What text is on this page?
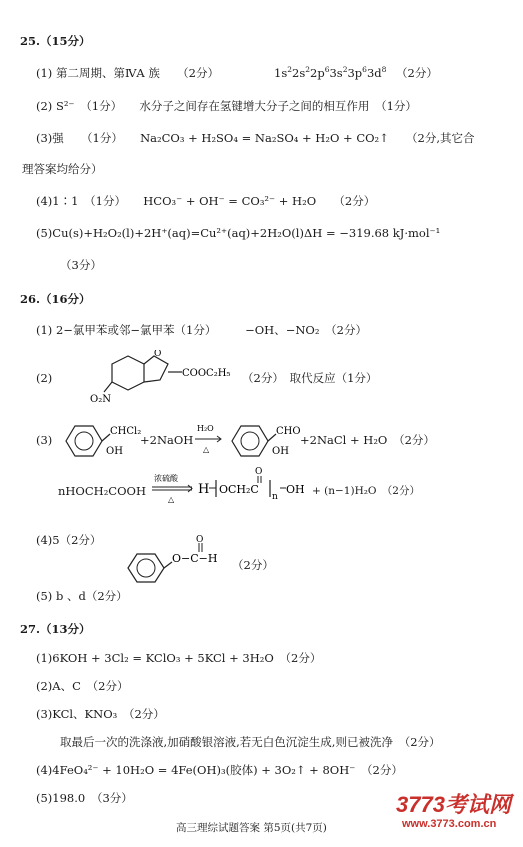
25.（15分）
(1) 第二周期、第ⅣA 族　　（2分）	$1s^22s^22p^63s^23p^63d^8$ （2分）
(2) S²⁻　（1分）　　水分子之间存在氢键增大分子之间的相互作用　（1分）
(3)强　　（1分）　　Na₂CO₃ + H₂SO₄ = Na₂SO₄ + H₂O + CO₂↑　　（2分,其它合
理答案均给分）
(4)1∶1　（1分）　　HCO₃⁻ + OH⁻ = CO₃²⁻ + H₂O　　（2分）
(5)Cu(s)+H₂O₂(l)+2H⁺(aq)=Cu²⁺(aq)+2H₂O(l)ΔH = −319.68 kJ·mol⁻¹
（3分）
26.（16分）
(1) 2−氯甲苯或邻−氯甲苯（1分）　　　−OH、−NO₂　（2分）
(2)
O
COOC₂H₅
O₂N
（2分）　取代反应（1分）
(3)
CHCl₂
OH
+2NaOH
H₂O
△
CHO
OH
+2NaCl + H₂O　（2分）
nHOCH₂COOH
浓硫酸
△
H OCH₂C
O
n
OH + (n−1)H₂O　（2分）
(4)5（2分）
O−C−H
O
（2分）
(5) b 、d（2分）
27.（13分）
(1)6KOH + 3Cl₂ = KClO₃ + 5KCl + 3H₂O　（2分）
(2)A、C　（2分）
(3)KCl、KNO₃　（2分）
取最后一次的洗涤液,加硝酸银溶液,若无白色沉淀生成,则已被洗净　（2分）
(4)4FeO₄²⁻ + 10H₂O = 4Fe(OH)₃(胶体) + 3O₂↑ + 8OH⁻　（2分）
(5)198.0　（3分）
高三理综试题答案 第5页(共7页)
3773考试网
www.3773.com.cn
